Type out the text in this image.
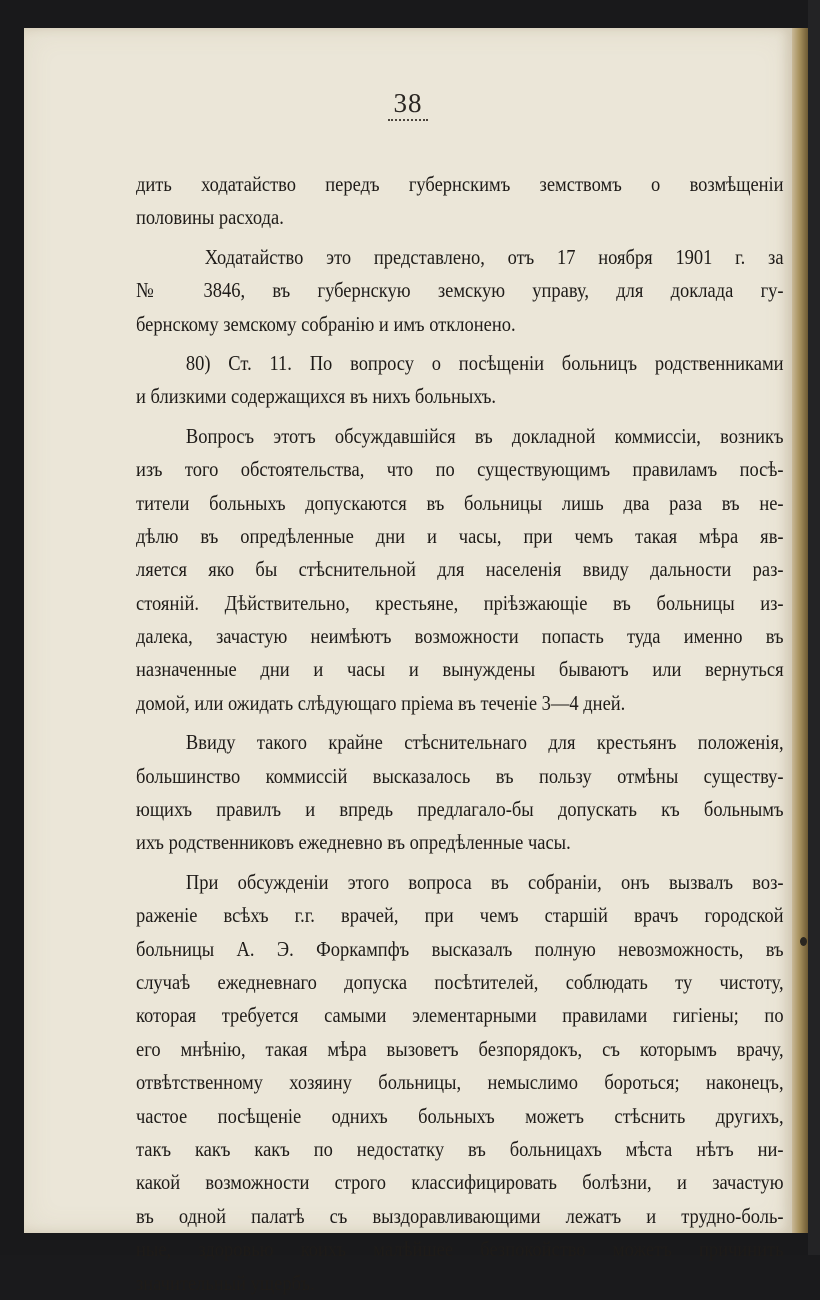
38
дить ходатайство передъ губернскимъ земствомъ о возмѣщеніи
половины расхода.
Ходатайство это представлено, отъ 17 ноября 1901 г. за
№ 3846, въ губернскую земскую управу, для доклада гу-
бернскому земскому собранію и имъ отклонено.
80) Ст. 11. По вопросу о посѣщеніи больницъ родственниками
и близкими содержащихся въ нихъ больныхъ.
Вопросъ этотъ обсуждавшійся въ докладной коммиссіи, возникъ
изъ того обстоятельства, что по существующимъ правиламъ посѣ-
тители больныхъ допускаются въ больницы лишь два раза въ не-
дѣлю въ опредѣленные дни и часы, при чемъ такая мѣра яв-
ляется яко бы стѣснительной для населенія ввиду дальности раз-
стояній. Дѣйствительно, крестьяне, пріѣзжающіе въ больницы из-
далека, зачастую неимѣютъ возможности попасть туда именно въ
назначенные дни и часы и вынуждены бываютъ или вернуться
домой, или ожидать слѣдующаго пріема въ теченіе 3—4 дней.
Ввиду такого крайне стѣснительнаго для крестьянъ положенія,
большинство коммиссій высказалось въ пользу отмѣны существу-
ющихъ правилъ и впредь предлагало-бы допускать къ больнымъ
ихъ родственниковъ ежедневно въ опредѣленные часы.
При обсужденіи этого вопроса въ собраніи, онъ вызвалъ воз-
раженіе всѣхъ г.г. врачей, при чемъ старшій врачъ городской
больницы А. Э. Форкампфъ высказалъ полную невозможность, въ
случаѣ ежедневнаго допуска посѣтителей, соблюдать ту чистоту,
которая требуется самыми элементарными правилами гигіены; по
его мнѣнію, такая мѣра вызоветъ безпорядокъ, съ которымъ врачу,
отвѣтственному хозяину больницы, немыслимо бороться; наконецъ,
частое посѣщеніе однихъ больныхъ можетъ стѣснить другихъ,
такъ какъ какъ по недостатку въ больницахъ мѣста нѣтъ ни-
какой возможности строго классифицировать болѣзни, и зачастую
въ одной палатѣ съ выздоравливающими лежатъ и трудно-боль-
ные, здоровью коихъ малѣйшее безпокойство можетъ причинить
значительный ущербъ.
